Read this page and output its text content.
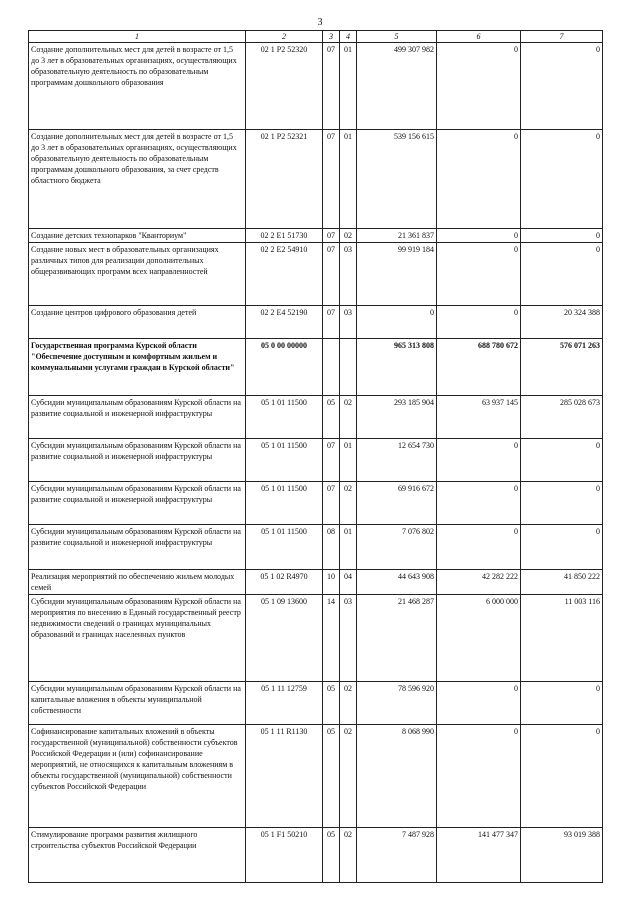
3
1	2	3	4	5	6	7
Создание дополнительных мест для детей в возрасте от 1,5 до 3 лет в образовательных организациях, осуществляющих образовательную деятельность по образовательным программам дошкольного образования	02 1 P2 52320	07	01	499 307 982	0	0
Создание дополнительных мест для детей в возрасте от 1,5 до 3 лет в образовательных организациях, осуществляющих образовательную деятельность по образовательным программам дошкольного образования, за счет средств областного бюджета	02 1 P2 52321	07	01	539 156 615	0	0
Создание детских технопарков "Кванториум"	02 2 E1 51730	07	02	21 361 837	0	0
Создание новых мест в образовательных организациях различных типов для реализации дополнительных общеразвивающих программ всех направленностей	02 2 E2 54910	07	03	99 919 184	0	0
Создание центров цифрового образования детей	02 2 E4 52190	07	03	0	0	20 324 388
Государственная программа Курской области "Обеспечение доступным и комфортным жильем и коммунальными услугами граждан в Курской области"	05 0 00 00000			965 313 808	688 780 672	576 071 263
Субсидии муниципальным образованиям Курской области на развитие социальной и инженерной инфраструктуры	05 1 01 11500	05	02	293 185 904	63 937 145	285 028 673
Субсидии муниципальным образованиям Курской области на развитие социальной и инженерной инфраструктуры	05 1 01 11500	07	01	12 654 730	0	0
Субсидии муниципальным образованиям Курской области на развитие социальной и инженерной инфраструктуры	05 1 01 11500	07	02	69 916 672	0	0
Субсидии муниципальным образованиям Курской области на развитие социальной и инженерной инфраструктуры	05 1 01 11500	08	01	7 076 802	0	0
Реализация мероприятий по обеспечению жильем молодых семей	05 1 02 R4970	10	04	44 643 908	42 282 222	41 850 222
Субсидии муниципальным образованиям Курской области на мероприятия по внесению в Единый государственный реестр недвижимости сведений о границах муниципальных образований и границах населенных пунктов	05 1 09 13600	14	03	21 468 287	6 000 000	11 003 116
Субсидии муниципальным образованиям Курской области на капитальные вложения в объекты муниципальной собственности	05 1 11 12759	05	02	78 596 920	0	0
Софинансирование капитальных вложений в объекты государственной (муниципальной) собственности субъектов Российской Федерации и (или) софинансирование мероприятий, не относящихся к капитальным вложениям в объекты государственной (муниципальной) собственности субъектов Российской Федерации	05 1 11 R1130	05	02	8 068 990	0	0
Стимулирование программ развития жилищного строительства субъектов Российской Федерации	05 1 F1 50210	05	02	7 487 928	141 477 347	93 019 388
